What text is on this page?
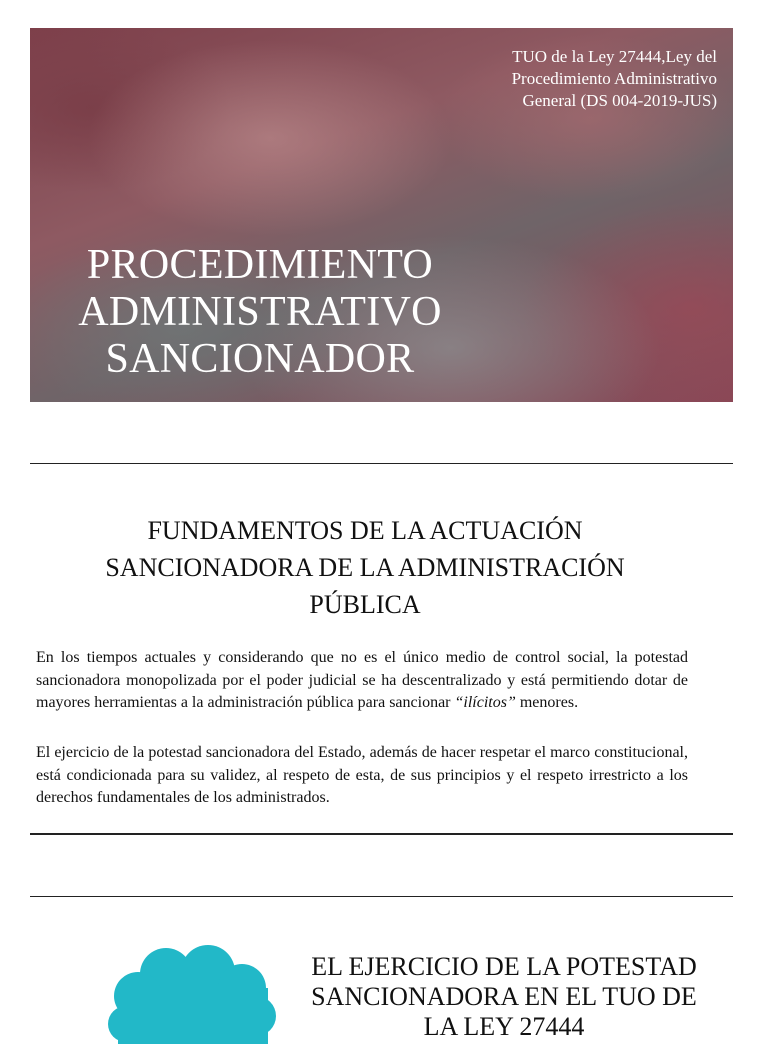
TUO de la Ley 27444,Ley del
Procedimiento Administrativo
General (DS 004-2019-JUS)
PROCEDIMIENTO
ADMINISTRATIVO
SANCIONADOR
FUNDAMENTOS DE LA ACTUACIÓN
SANCIONADORA DE LA ADMINISTRACIÓN
PÚBLICA

En los tiempos actuales y considerando que no es el único medio de control social, la potestad sancionadora monopolizada por el poder judicial se ha descentralizado y está permitiendo dotar de mayores herramientas a la administración pública para sancionar “ilícitos” menores.

El ejercicio de la potestad sancionadora del Estado, además de hacer respetar el marco constitucional, está condicionada para su validez, al respeto de esta, de sus principios y el respeto irrestricto a los derechos fundamentales de los administrados.

EL EJERCICIO DE LA POTESTAD
SANCIONADORA EN EL TUO DE
LA LEY 27444
